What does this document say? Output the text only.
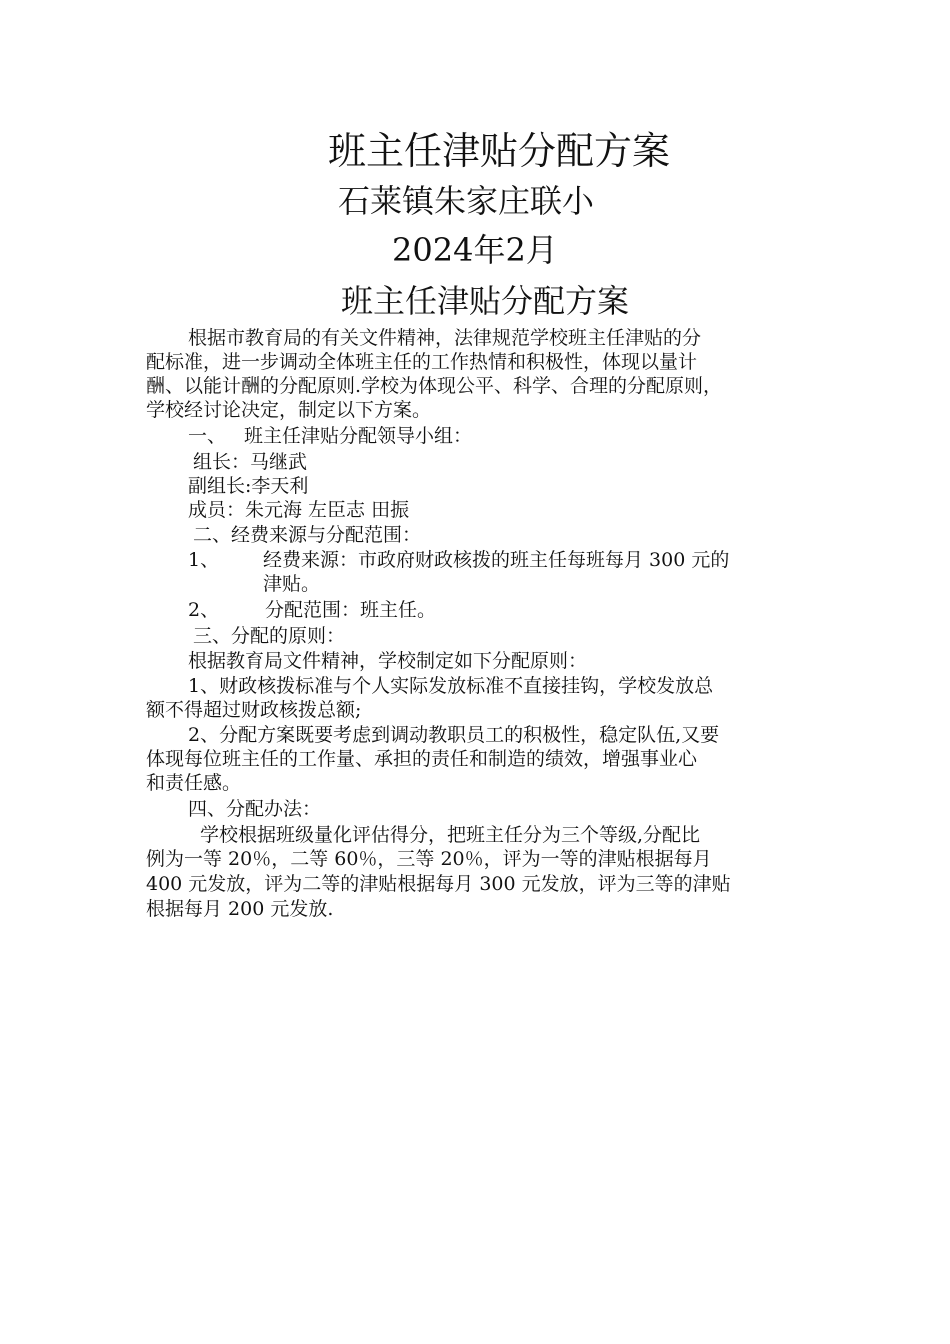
班主任津贴分配方案
石莱镇朱家庄联小
2024年2月
班主任津贴分配方案
根据市教育局的有关文件精神，法律规范学校班主任津贴的分
配标准，进一步调动全体班主任的工作热情和积极性，体现以量计
酬、以能计酬的分配原则.学校为体现公平、科学、合理的分配原则，
学校经讨论决定，制定以下方案。
一、 班主任津贴分配领导小组：
组长：马继武
副组长:李天利
成员：朱元海 左臣志 田振
二、经费来源与分配范围：
1、 经费来源：市政府财政核拨的班主任每班每月 300 元的
津贴。
2、 分配范围：班主任。
三、分配的原则：
根据教育局文件精神，学校制定如下分配原则：
1、财政核拨标准与个人实际发放标准不直接挂钩，学校发放总
额不得超过财政核拨总额;
2、分配方案既要考虑到调动教职员工的积极性，稳定队伍,又要
体现每位班主任的工作量、承担的责任和制造的绩效，增强事业心
和责任感。
四、分配办法：
学校根据班级量化评估得分，把班主任分为三个等级,分配比
例为一等 20％，二等 60％，三等 20％，评为一等的津贴根据每月
400 元发放，评为二等的津贴根据每月 300 元发放，评为三等的津贴
根据每月 200 元发放.
